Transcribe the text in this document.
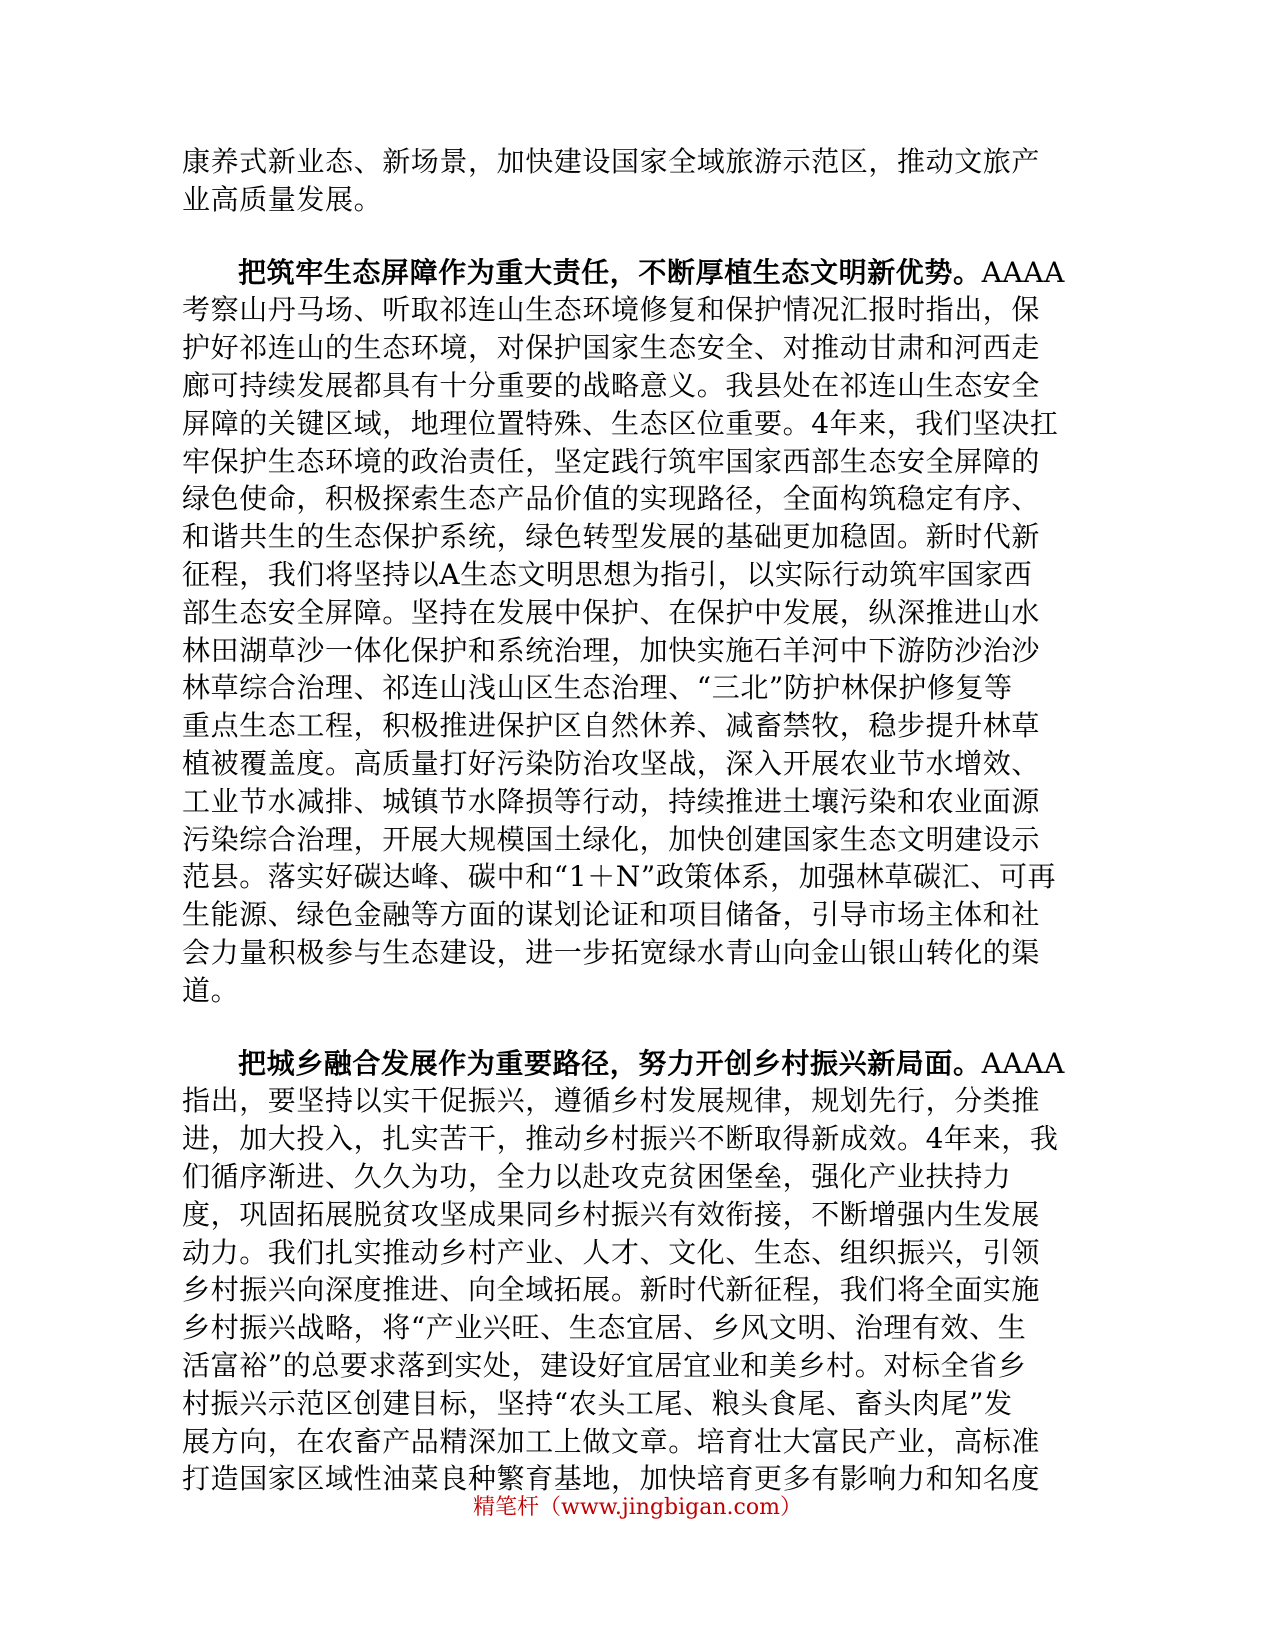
康养式新业态、新场景，加快建设国家全域旅游示范区，推动文旅产
业高质量发展。
把筑牢生态屏障作为重大责任，不断厚植生态文明新优势。AAAA
考察山丹马场、听取祁连山生态环境修复和保护情况汇报时指出，保
护好祁连山的生态环境，对保护国家生态安全、对推动甘肃和河西走
廊可持续发展都具有十分重要的战略意义。我县处在祁连山生态安全
屏障的关键区域，地理位置特殊、生态区位重要。4年来，我们坚决扛
牢保护生态环境的政治责任，坚定践行筑牢国家西部生态安全屏障的
绿色使命，积极探索生态产品价值的实现路径，全面构筑稳定有序、
和谐共生的生态保护系统，绿色转型发展的基础更加稳固。新时代新
征程，我们将坚持以A生态文明思想为指引，以实际行动筑牢国家西
部生态安全屏障。坚持在发展中保护、在保护中发展，纵深推进山水
林田湖草沙一体化保护和系统治理，加快实施石羊河中下游防沙治沙
林草综合治理、祁连山浅山区生态治理、“三北”防护林保护修复等
重点生态工程，积极推进保护区自然休养、减畜禁牧，稳步提升林草
植被覆盖度。高质量打好污染防治攻坚战，深入开展农业节水增效、
工业节水减排、城镇节水降损等行动，持续推进土壤污染和农业面源
污染综合治理，开展大规模国土绿化，加快创建国家生态文明建设示
范县。落实好碳达峰、碳中和“1＋N”政策体系，加强林草碳汇、可再
生能源、绿色金融等方面的谋划论证和项目储备，引导市场主体和社
会力量积极参与生态建设，进一步拓宽绿水青山向金山银山转化的渠
道。
把城乡融合发展作为重要路径，努力开创乡村振兴新局面。AAAA
指出，要坚持以实干促振兴，遵循乡村发展规律，规划先行，分类推
进，加大投入，扎实苦干，推动乡村振兴不断取得新成效。4年来，我
们循序渐进、久久为功，全力以赴攻克贫困堡垒，强化产业扶持力
度，巩固拓展脱贫攻坚成果同乡村振兴有效衔接，不断增强内生发展
动力。我们扎实推动乡村产业、人才、文化、生态、组织振兴，引领
乡村振兴向深度推进、向全域拓展。新时代新征程，我们将全面实施
乡村振兴战略，将“产业兴旺、生态宜居、乡风文明、治理有效、生
活富裕”的总要求落到实处，建设好宜居宜业和美乡村。对标全省乡
村振兴示范区创建目标，坚持“农头工尾、粮头食尾、畜头肉尾”发
展方向，在农畜产品精深加工上做文章。培育壮大富民产业，高标准
打造国家区域性油菜良种繁育基地，加快培育更多有影响力和知名度
精笔杆（www.jingbigan.com）
